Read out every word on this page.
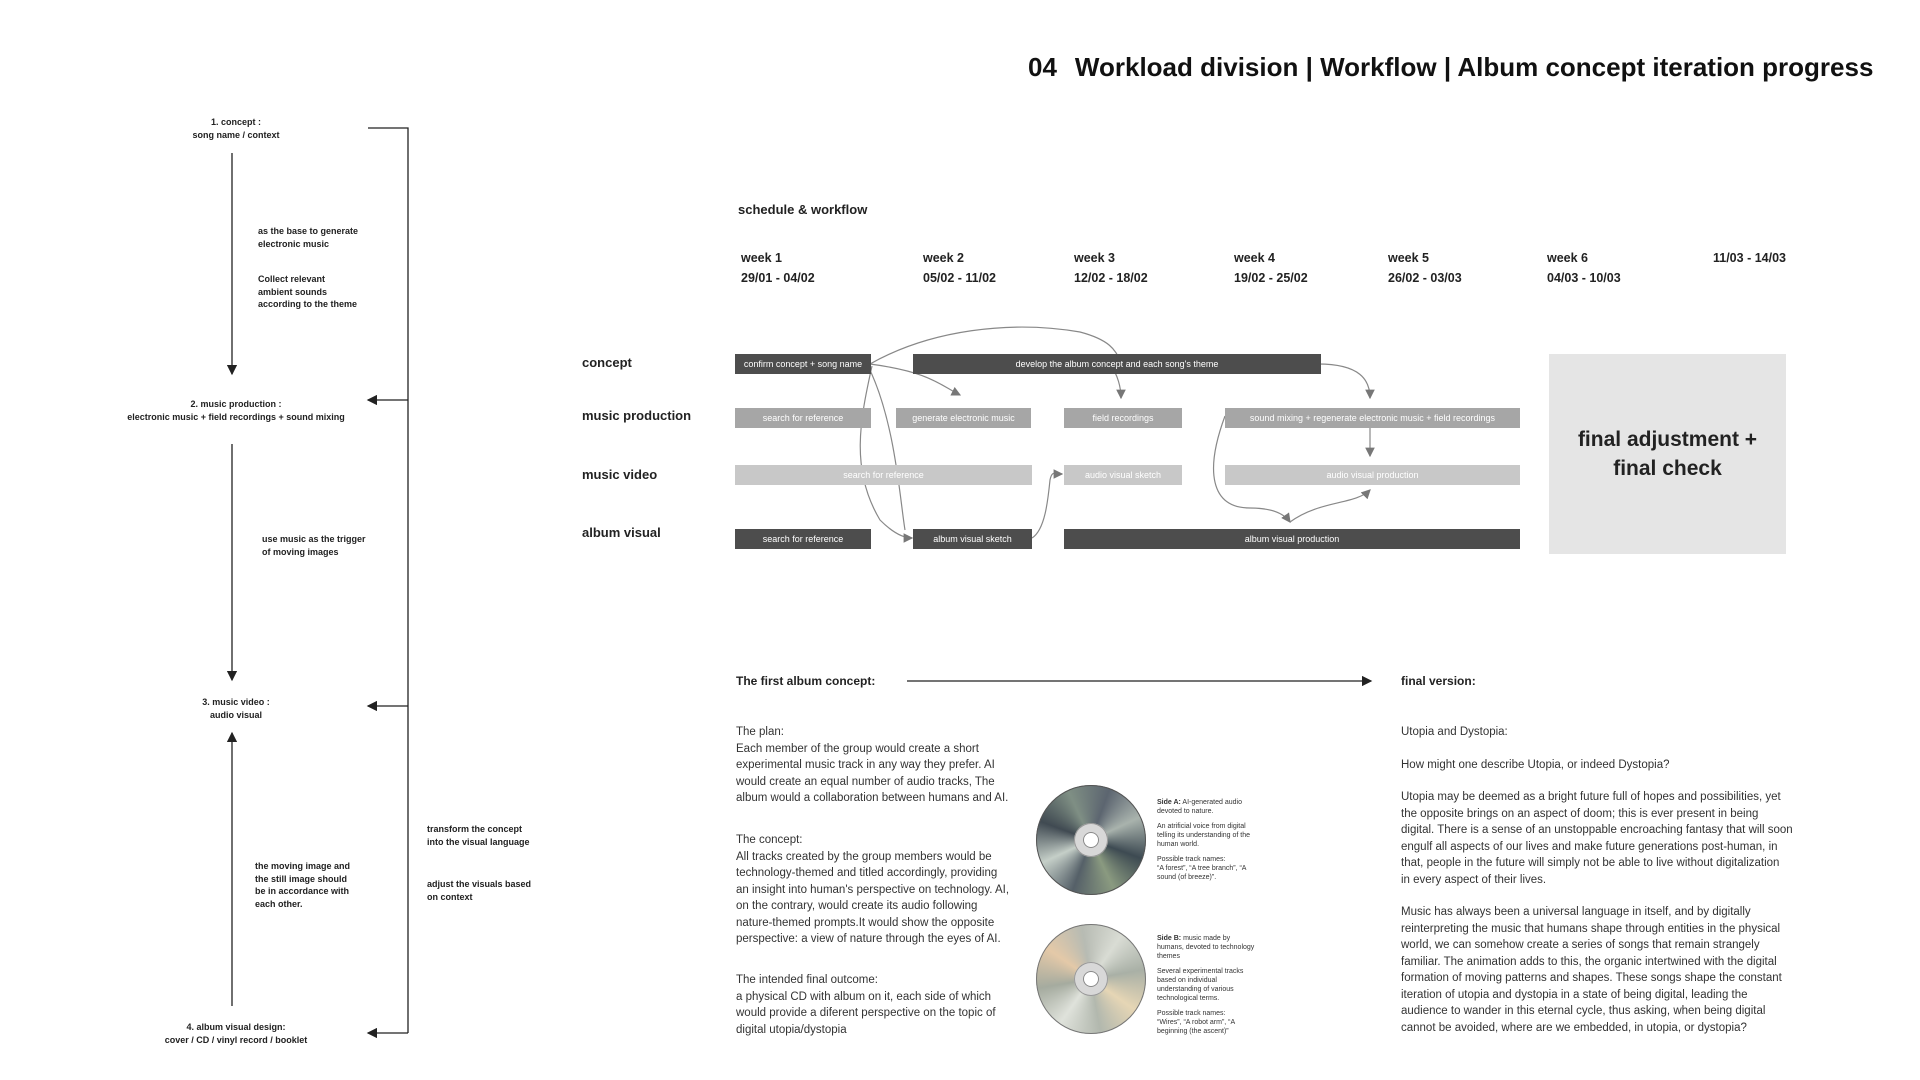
04 Workload division | Workflow | Album concept iteration progress
1. concept :
song name / context
as the base to generate
electronic music
Collect relevant
ambient sounds
according to the theme
2. music production :
electronic music + field recordings + sound mixing
use music as the trigger
of moving images
3. music video :
audio visual
the moving image and
the still image should
be in accordance with
each other.
transform the concept
into the visual language
adjust the visuals based
on context
4. album visual design:
cover / CD / vinyl record / booklet
schedule & workflow
week 1
29/01 - 04/02
week 2
05/02 - 11/02
week 3
12/02 - 18/02
week 4
19/02 - 25/02
week 5
26/02 - 03/03
week 6
04/03 - 10/03
11/03 - 14/03
concept
music production
music video
album visual
confirm concept + song name	develop the album concept and each song's theme
search for reference	generate electronic music	field recordings	sound mixing + regenerate electronic music + field recordings
search for reference	audio visual sketch	audio visual production
search for reference	album visual sketch	album visual production
final adjustment +
final check
The first album concept:	final version:
The plan:
Each member of the group would create a short
experimental music track in any way they prefer. AI
would create an equal number of audio tracks, The
album would a collaboration between humans and AI.
The concept:
All tracks created by the group members would be
technology-themed and titled accordingly, providing
an insight into human's perspective on technology. AI,
on the contrary, would create its audio following
nature-themed prompts.It would show the opposite
perspective: a view of nature through the eyes of AI.
The intended final outcome:
a physical CD with album on it, each side of which
would provide a diferent perspective on the topic of
digital utopia/dystopia

Side A: AI-generated audio devoted to nature.

An atrificial voice from digital telling its understanding of the human world.

Possible track names:
“A forest”, “A tree branch”, “A sound (of breeze)”.

Side B: music made by humans, devoted to technology themes

Several experimental tracks based on individual understanding of various technological terms.

Possible track names:
“Wires”, “A robot arm”, “A beginning (the ascent)”

Utopia and Dystopia:
How might one describe Utopia, or indeed Dystopia?
Utopia may be deemed as a bright future full of hopes and possibilities, yet
the opposite brings on an aspect of doom; this is ever present in being
digital. There is a sense of an unstoppable encroaching fantasy that will soon
engulf all aspects of our lives and make future generations post-human, in
that, people in the future will simply not be able to live without digitalization
in every aspect of their lives.
Music has always been a universal language in itself, and by digitally
reinterpreting the music that humans shape through entities in the physical
world, we can somehow create a series of songs that remain strangely
familiar. The animation adds to this, the organic intertwined with the digital
formation of moving patterns and shapes. These songs shape the constant
iteration of utopia and dystopia in a state of being digital, leading the
audience to wander in this eternal cycle, thus asking, when being digital
cannot be avoided, where are we embedded, in utopia, or dystopia?
